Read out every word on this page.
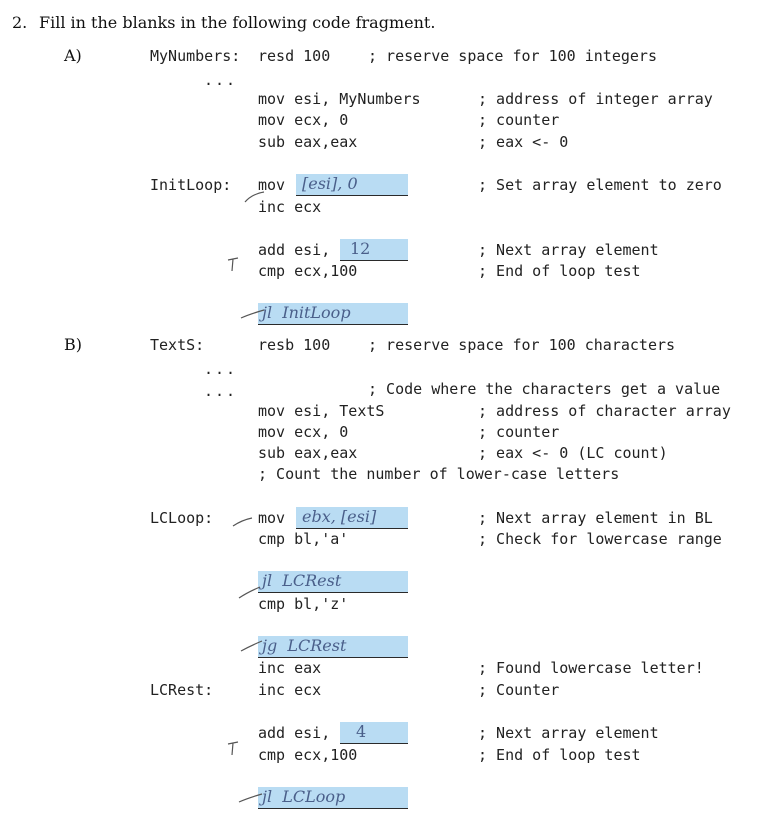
2. Fill in the blanks in the following code fragment.
A)	MyNumbers: resd 100	; reserve space for 100 integers
...
mov esi, MyNumbers	; address of integer array
mov ecx, 0	; counter
sub eax,eax	; eax <- 0
InitLoop: mov [esi], 0	; Set array element to zero
inc ecx
add esi, 12	; Next array element
cmp ecx,100	; End of loop test
jl  InitLoop
B)	TextS:	resb 100	; reserve space for 100 characters
...
...	; Code where the characters get a value
mov esi, TextS	; address of character array
mov ecx, 0	; counter
sub eax,eax	; eax <- 0 (LC count)
; Count the number of lower-case letters
LCLoop:	mov ebx, [esi]	; Next array element in BL
cmp bl,'a'	; Check for lowercase range
jl  LCRest
cmp bl,'z'
jg  LCRest
inc eax	; Found lowercase letter!
LCRest:	inc ecx	; Counter
add esi, 4	; Next array element
cmp ecx,100	; End of loop test
jl  LCLoop
